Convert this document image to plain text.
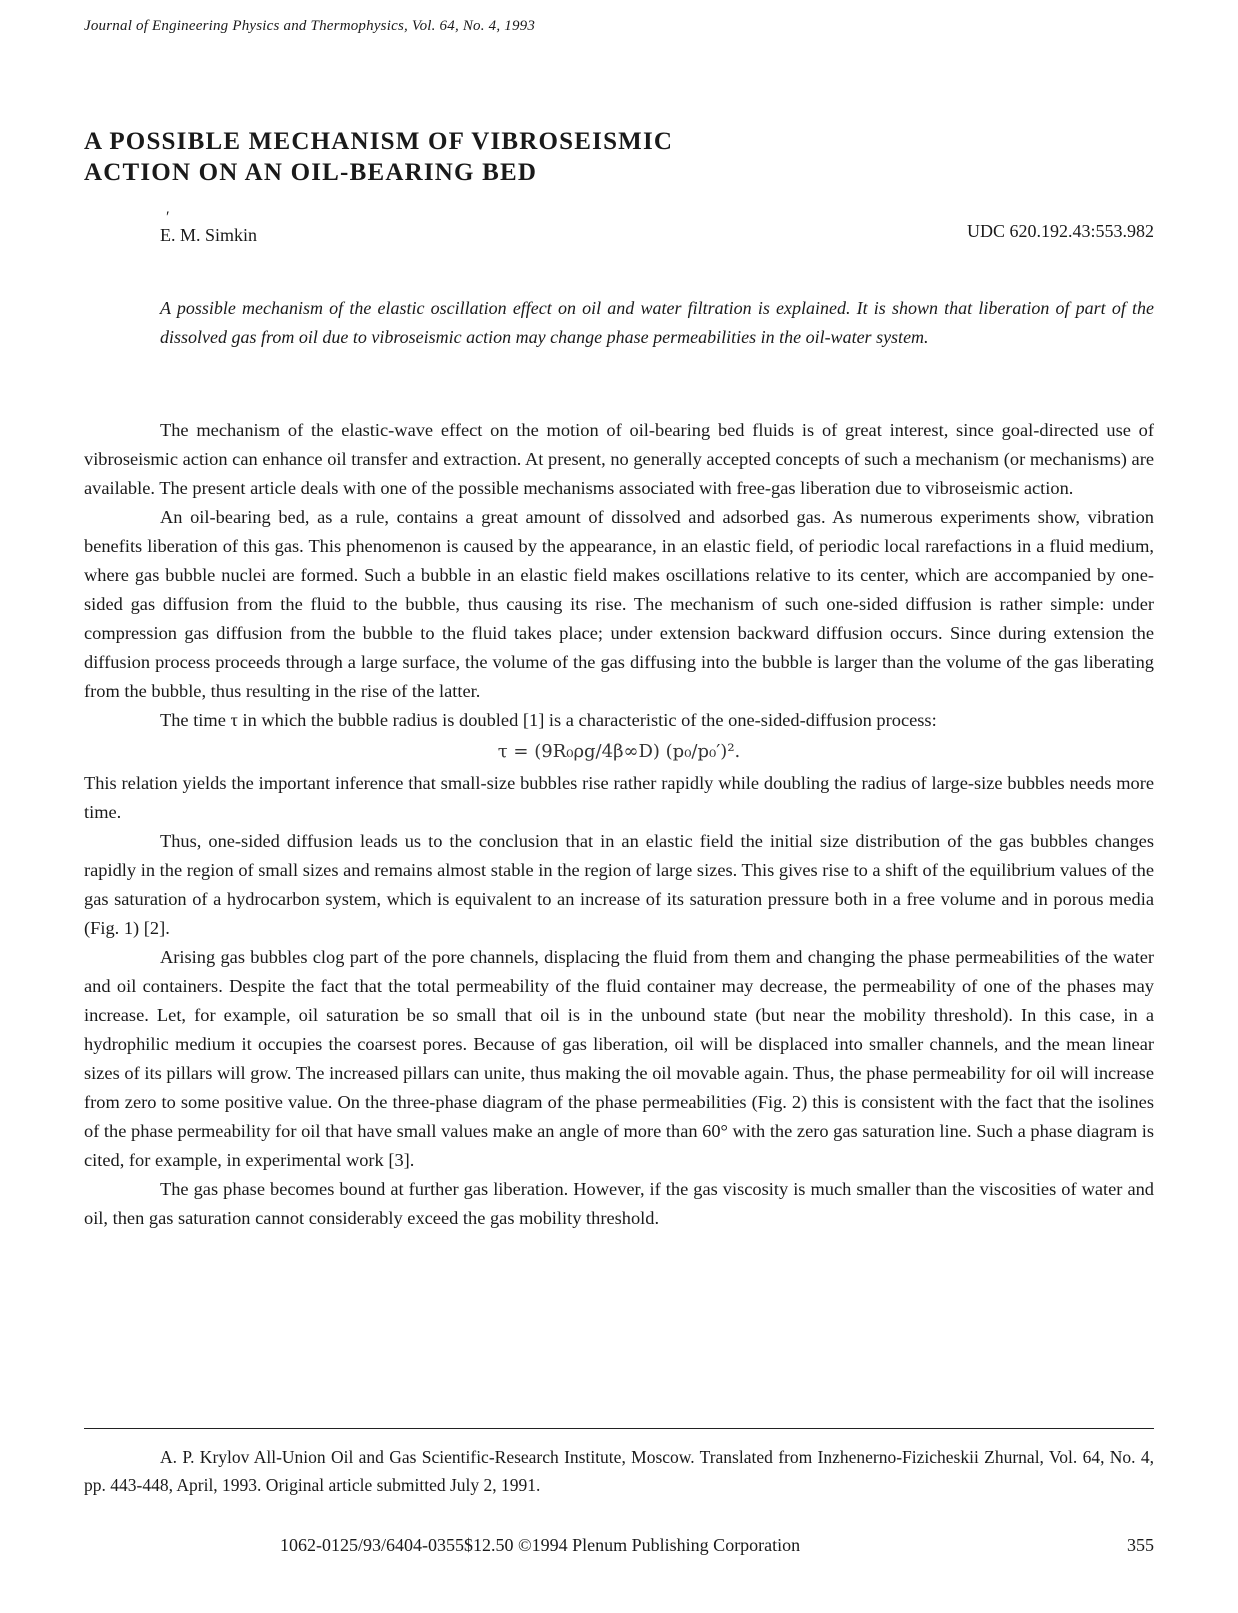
Journal of Engineering Physics and Thermophysics, Vol. 64, No. 4, 1993
A POSSIBLE MECHANISM OF VIBROSEISMIC
ACTION ON AN OIL-BEARING BED
′
E. M. Simkin	UDC 620.192.43:553.982
A possible mechanism of the elastic oscillation effect on oil and water filtration is explained. It is shown that liberation of part of the dissolved gas from oil due to vibroseismic action may change phase permeabilities in the oil-water system.

The mechanism of the elastic-wave effect on the motion of oil-bearing bed fluids is of great interest, since goal-directed use of vibroseismic action can enhance oil transfer and extraction. At present, no generally accepted concepts of such a mechanism (or mechanisms) are available. The present article deals with one of the possible mechanisms associated with free-gas liberation due to vibroseismic action.

An oil-bearing bed, as a rule, contains a great amount of dissolved and adsorbed gas. As numerous experiments show, vibration benefits liberation of this gas. This phenomenon is caused by the appearance, in an elastic field, of periodic local rarefactions in a fluid medium, where gas bubble nuclei are formed. Such a bubble in an elastic field makes oscillations relative to its center, which are accompanied by one-sided gas diffusion from the fluid to the bubble, thus causing its rise. The mechanism of such one-sided diffusion is rather simple: under compression gas diffusion from the bubble to the fluid takes place; under extension backward diffusion occurs. Since during extension the diffusion process proceeds through a large surface, the volume of the gas diffusing into the bubble is larger than the volume of the gas liberating from the bubble, thus resulting in the rise of the latter.

The time τ in which the bubble radius is doubled [1] is a characteristic of the one-sided-diffusion process:

τ = (9R₀ρg/4β∞D) (p₀/p₀′)².

This relation yields the important inference that small-size bubbles rise rather rapidly while doubling the radius of large-size bubbles needs more time.

Thus, one-sided diffusion leads us to the conclusion that in an elastic field the initial size distribution of the gas bubbles changes rapidly in the region of small sizes and remains almost stable in the region of large sizes. This gives rise to a shift of the equilibrium values of the gas saturation of a hydrocarbon system, which is equivalent to an increase of its saturation pressure both in a free volume and in porous media (Fig. 1) [2].

Arising gas bubbles clog part of the pore channels, displacing the fluid from them and changing the phase permeabilities of the water and oil containers. Despite the fact that the total permeability of the fluid container may decrease, the permeability of one of the phases may increase. Let, for example, oil saturation be so small that oil is in the unbound state (but near the mobility threshold). In this case, in a hydrophilic medium it occupies the coarsest pores. Because of gas liberation, oil will be displaced into smaller channels, and the mean linear sizes of its pillars will grow. The increased pillars can unite, thus making the oil movable again. Thus, the phase permeability for oil will increase from zero to some positive value. On the three-phase diagram of the phase permeabilities (Fig. 2) this is consistent with the fact that the isolines of the phase permeability for oil that have small values make an angle of more than 60° with the zero gas saturation line. Such a phase diagram is cited, for example, in experimental work [3].

The gas phase becomes bound at further gas liberation. However, if the gas viscosity is much smaller than the viscosities of water and oil, then gas saturation cannot considerably exceed the gas mobility threshold.

A. P. Krylov All-Union Oil and Gas Scientific-Research Institute, Moscow. Translated from Inzhenerno-Fizicheskii Zhurnal, Vol. 64, No. 4, pp. 443-448, April, 1993. Original article submitted July 2, 1991.

1062-0125/93/6404-0355$12.50 ©1994 Plenum Publishing Corporation	355
